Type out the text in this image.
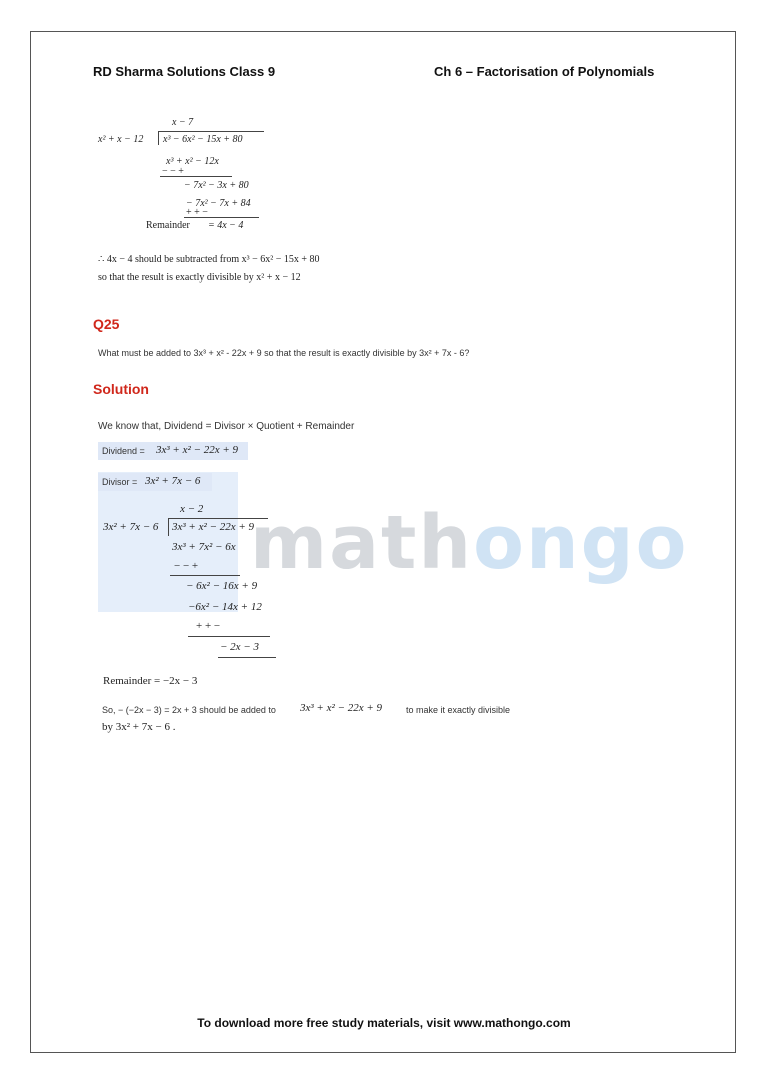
RD Sharma Solutions Class 9	Ch 6 – Factorisation of Polynomials
mathongo
x − 7
x² + x − 12 x³ − 6x² − 15x + 80
x³ + x² − 12x
− − +
− 7x² − 3x + 80
− 7x² − 7x + 84
+ + −
Remainder = 4x − 4
∴ 4x − 4 should be subtracted from x³ − 6x² − 15x + 80
so that the result is exactly divisible by x² + x − 12
Q25
What must be added to 3x³ + x² - 22x + 9 so that the result is exactly divisible by 3x² + 7x - 6?
Solution
We know that, Dividend = Divisor × Quotient + Remainder
Dividend = 3x³ + x² − 22x + 9
Divisor = 3x² + 7x − 6
x − 2
3x² + 7x − 6 3x³ + x² − 22x + 9
3x³ + 7x² − 6x
− − +
− 6x² − 16x + 9
−6x² − 14x + 12
+ + −
− 2x − 3
Remainder = −2x − 3
So, − (−2x − 3) = 2x + 3 should be added to 3x³ + x² − 22x + 9	to make it exactly divisible
by 3x² + 7x − 6 .
To download more free study materials, visit www.mathongo.com
